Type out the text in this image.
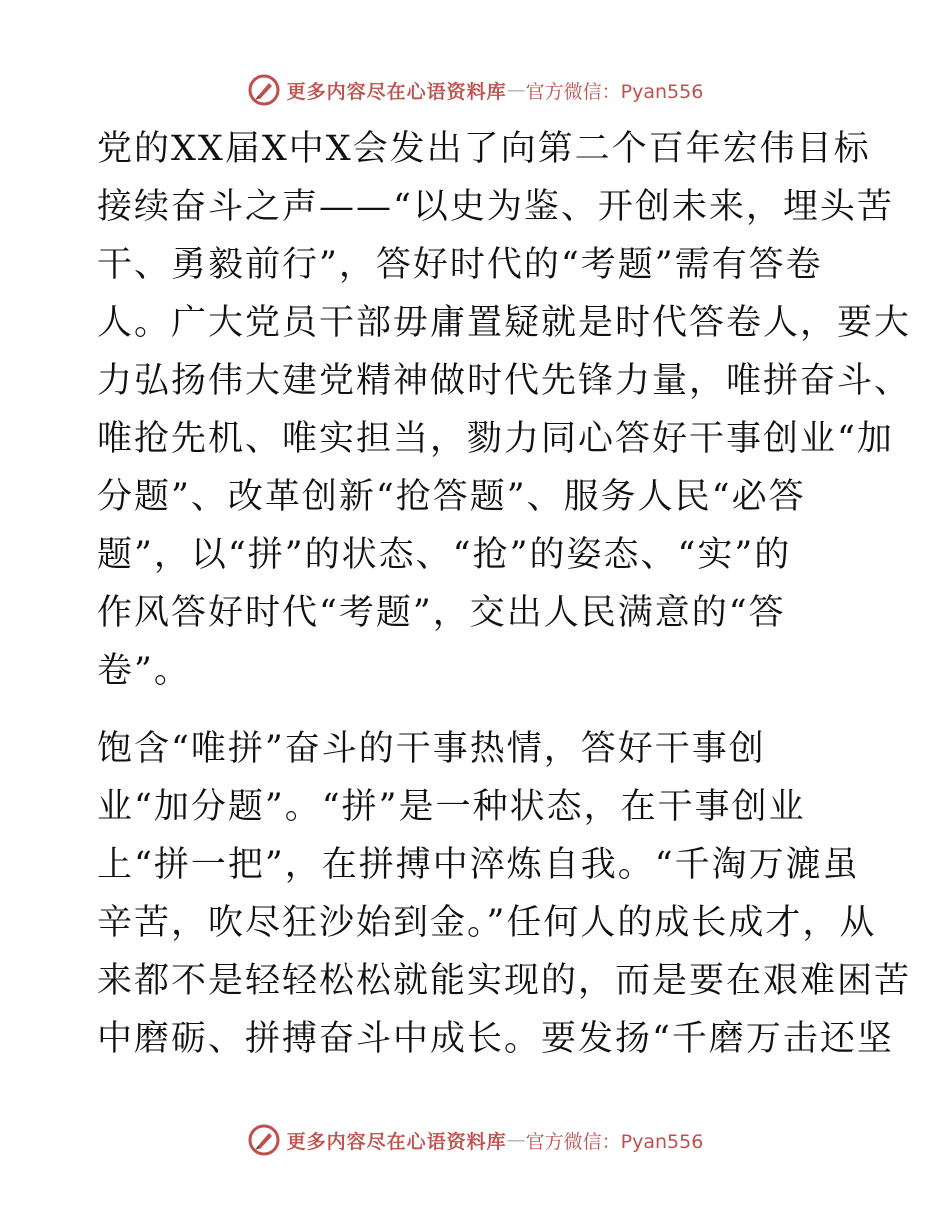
更多内容尽在心语资料库 — 官方微信：Pyan556
党的XX届X中X会发出了向第二个百年宏伟目标
接续奋斗之声——“以史为鉴、开创未来，埋头苦
干、勇毅前行”，答好时代的“考题”需有答卷
人。广大党员干部毋庸置疑就是时代答卷人，要大
力弘扬伟大建党精神做时代先锋力量，唯拼奋斗、
唯抢先机、唯实担当，勠力同心答好干事创业“加
分题”、改革创新“抢答题”、服务人民“必答
题”，以“拼”的状态、“抢”的姿态、“实”的
作风答好时代“考题”，交出人民满意的“答
卷”。
饱含“唯拼”奋斗的干事热情，答好干事创
业“加分题”。“拼”是一种状态，在干事创业
上“拼一把”，在拼搏中淬炼自我。“千淘万漉虽
辛苦，吹尽狂沙始到金。”任何人的成长成才，从
来都不是轻轻松松就能实现的，而是要在艰难困苦
中磨砺、拼搏奋斗中成长。要发扬“千磨万击还坚
更多内容尽在心语资料库 — 官方微信：Pyan556
